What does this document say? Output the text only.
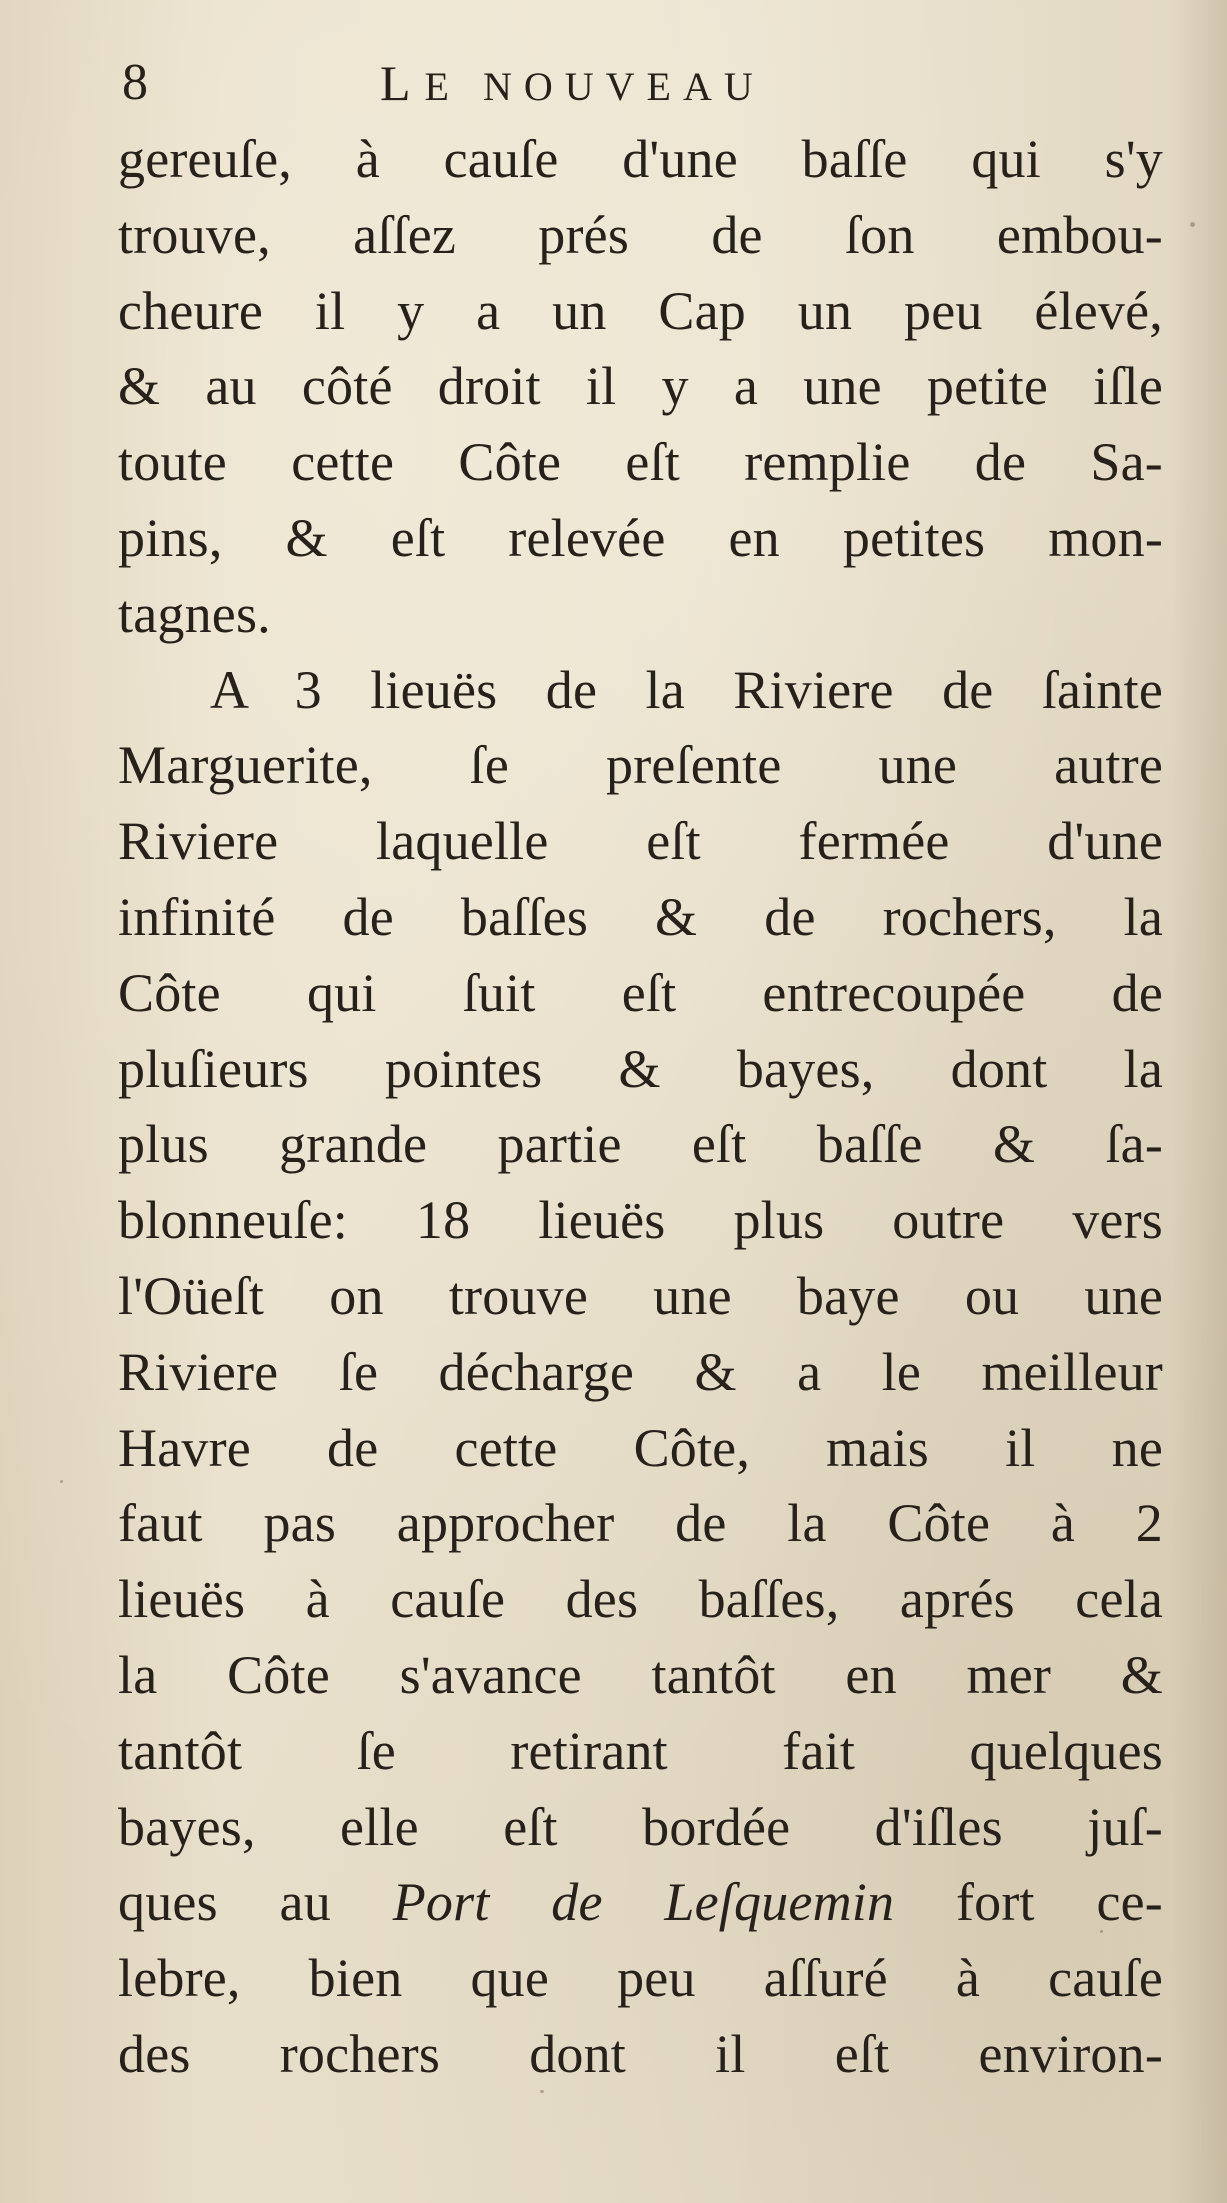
8	LE NOUVEAU
gereuſe, à cauſe d'une baſſe qui s'y
trouve, aſſez prés de ſon embou-
cheure il y a un Cap un peu élevé,
& au côté droit il y a une petite iſle
toute cette Côte eſt remplie de Sa-
pins, & eſt relevée en petites mon-
tagnes.
A 3 lieuës de la Riviere de ſainte
Marguerite, ſe preſente une autre
Riviere laquelle eſt fermée d'une
infinité de baſſes & de rochers, la
Côte qui ſuit eſt entrecoupée de
pluſieurs pointes & bayes, dont la
plus grande partie eſt baſſe & ſa-
blonneuſe: 18 lieuës plus outre vers
l'Oüeſt on trouve une baye ou une
Riviere ſe décharge & a le meilleur
Havre de cette Côte, mais il ne
faut pas approcher de la Côte à 2
lieuës à cauſe des baſſes, aprés cela
la Côte s'avance tantôt en mer &
tantôt ſe retirant fait quelques
bayes, elle eſt bordée d'iſles juſ-
ques au Port de Leſquemin fort ce-
lebre, bien que peu aſſuré à cauſe
des rochers dont il eſt environ-
